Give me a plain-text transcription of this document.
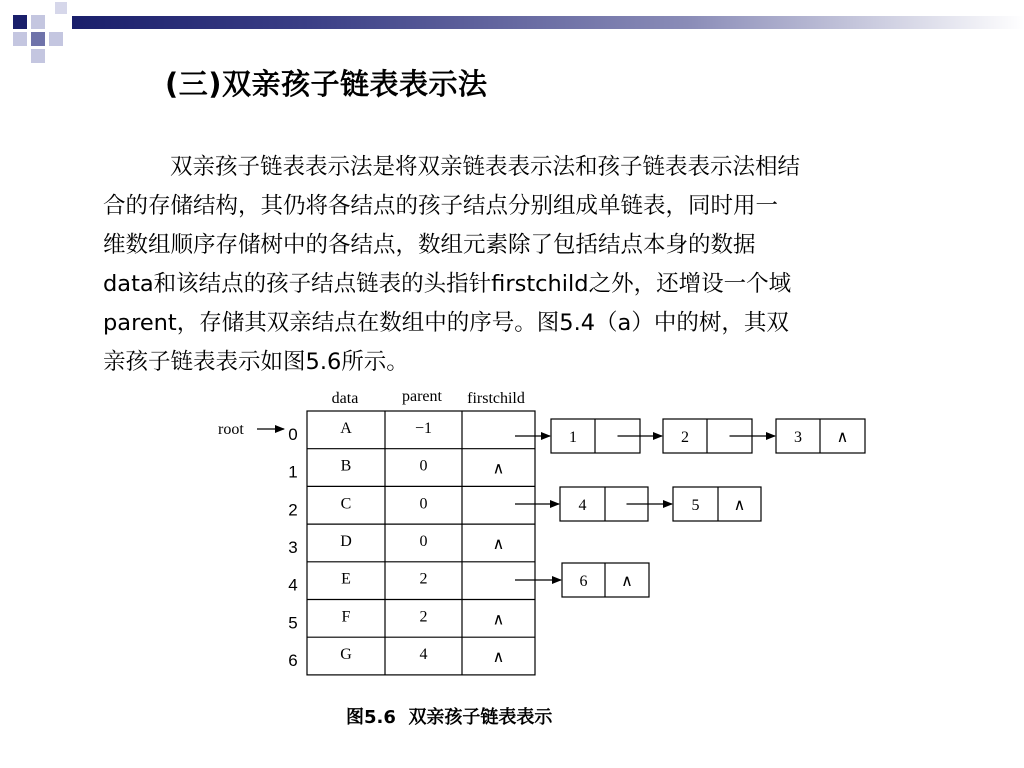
(三)双亲孩子链表表示法
双亲孩子链表表示法是将双亲链表表示法和孩子链表表示法相结
合的存储结构，其仍将各结点的孩子结点分别组成单链表，同时用一
维数组顺序存储树中的各结点，数组元素除了包括结点本身的数据
data和该结点的孩子结点链表的头指针firstchild之外，还增设一个域
parent，存储其双亲结点在数组中的序号。图5.4（a）中的树，其双
亲孩子链表表示如图5.6所示。
data	parent firstchild
root	0	A	−1
1	B	0	∧
2	C	0
3	D	0	∧
4	E	2
5	F	2	∧
6	G	4	∧
1	2	3 ∧
4	5 ∧
6 ∧
图5.6 双亲孩子链表表示
